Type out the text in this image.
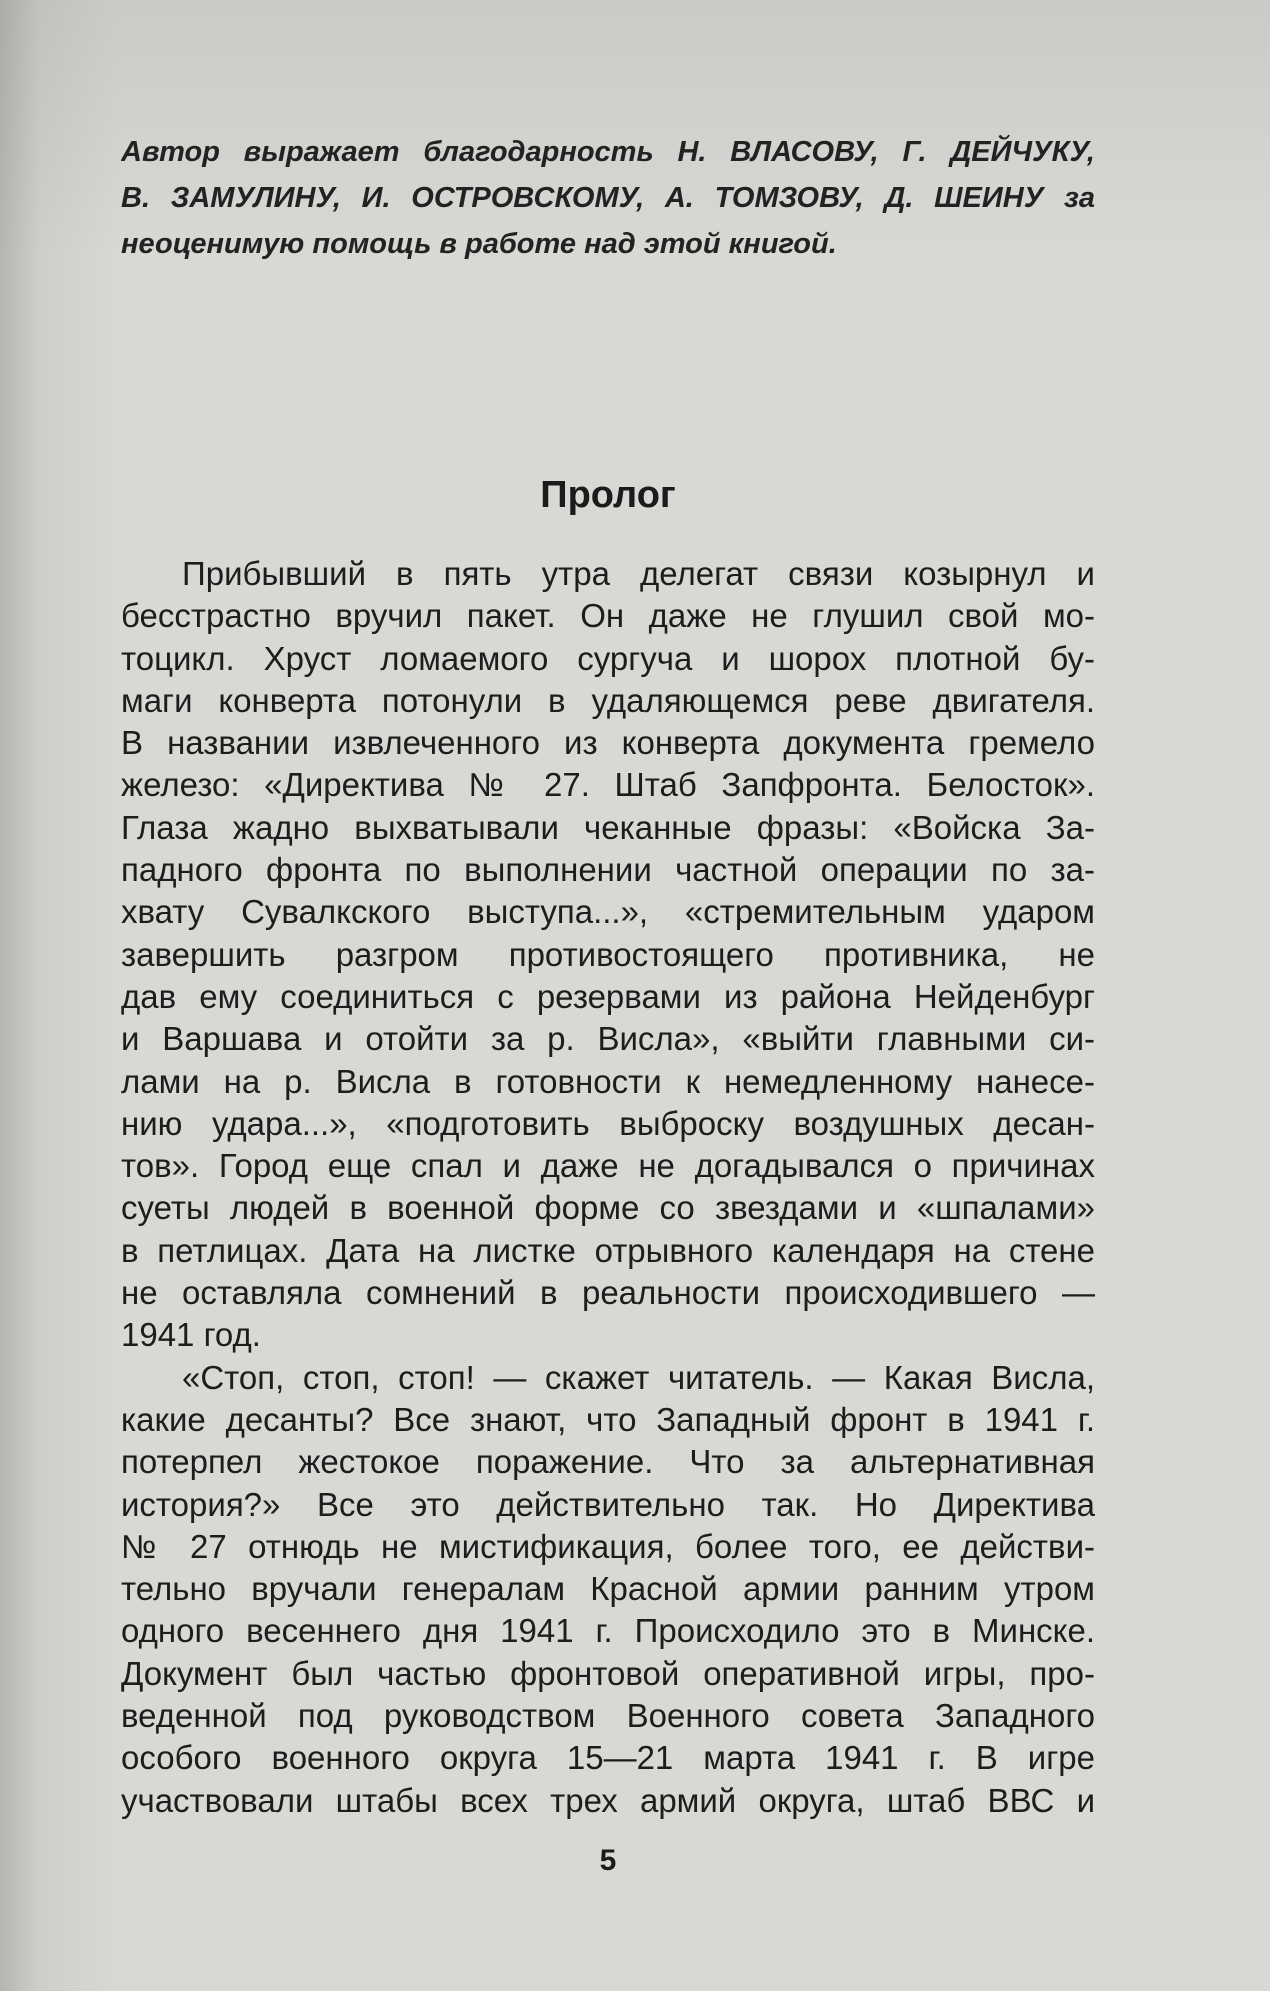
Автор выражает благодарность Н. ВЛАСОВУ, Г. ДЕЙЧУКУ,
В. ЗАМУЛИНУ, И. ОСТРОВСКОМУ, А. ТОМЗОВУ, Д. ШЕИНУ за
неоценимую помощь в работе над этой книгой.
Пролог
Прибывший в пять утра делегат связи козырнул и
бесстрастно вручил пакет. Он даже не глушил свой мо-
тоцикл. Хруст ломаемого сургуча и шорох плотной бу-
маги конверта потонули в удаляющемся реве двигателя.
В названии извлеченного из конверта документа гремело
железо: «Директива № 27. Штаб Запфронта. Белосток».
Глаза жадно выхватывали чеканные фразы: «Войска За-
падного фронта по выполнении частной операции по за-
хвату Сувалкского выступа...», «стремительным ударом
завершить разгром противостоящего противника, не
дав ему соединиться с резервами из района Нейденбург
и Варшава и отойти за р. Висла», «выйти главными си-
лами на р. Висла в готовности к немедленному нанесе-
нию удара...», «подготовить выброску воздушных десан-
тов». Город еще спал и даже не догадывался о причинах
суеты людей в военной форме со звездами и «шпалами»
в петлицах. Дата на листке отрывного календаря на стене
не оставляла сомнений в реальности происходившего —
1941 год.
«Стоп, стоп, стоп! — скажет читатель. — Какая Висла,
какие десанты? Все знают, что Западный фронт в 1941 г.
потерпел жестокое поражение. Что за альтернативная
история?» Все это действительно так. Но Директива
№ 27 отнюдь не мистификация, более того, ее действи-
тельно вручали генералам Красной армии ранним утром
одного весеннего дня 1941 г. Происходило это в Минске.
Документ был частью фронтовой оперативной игры, про-
веденной под руководством Военного совета Западного
особого военного округа 15—21 марта 1941 г. В игре
участвовали штабы всех трех армий округа, штаб ВВС и
5
